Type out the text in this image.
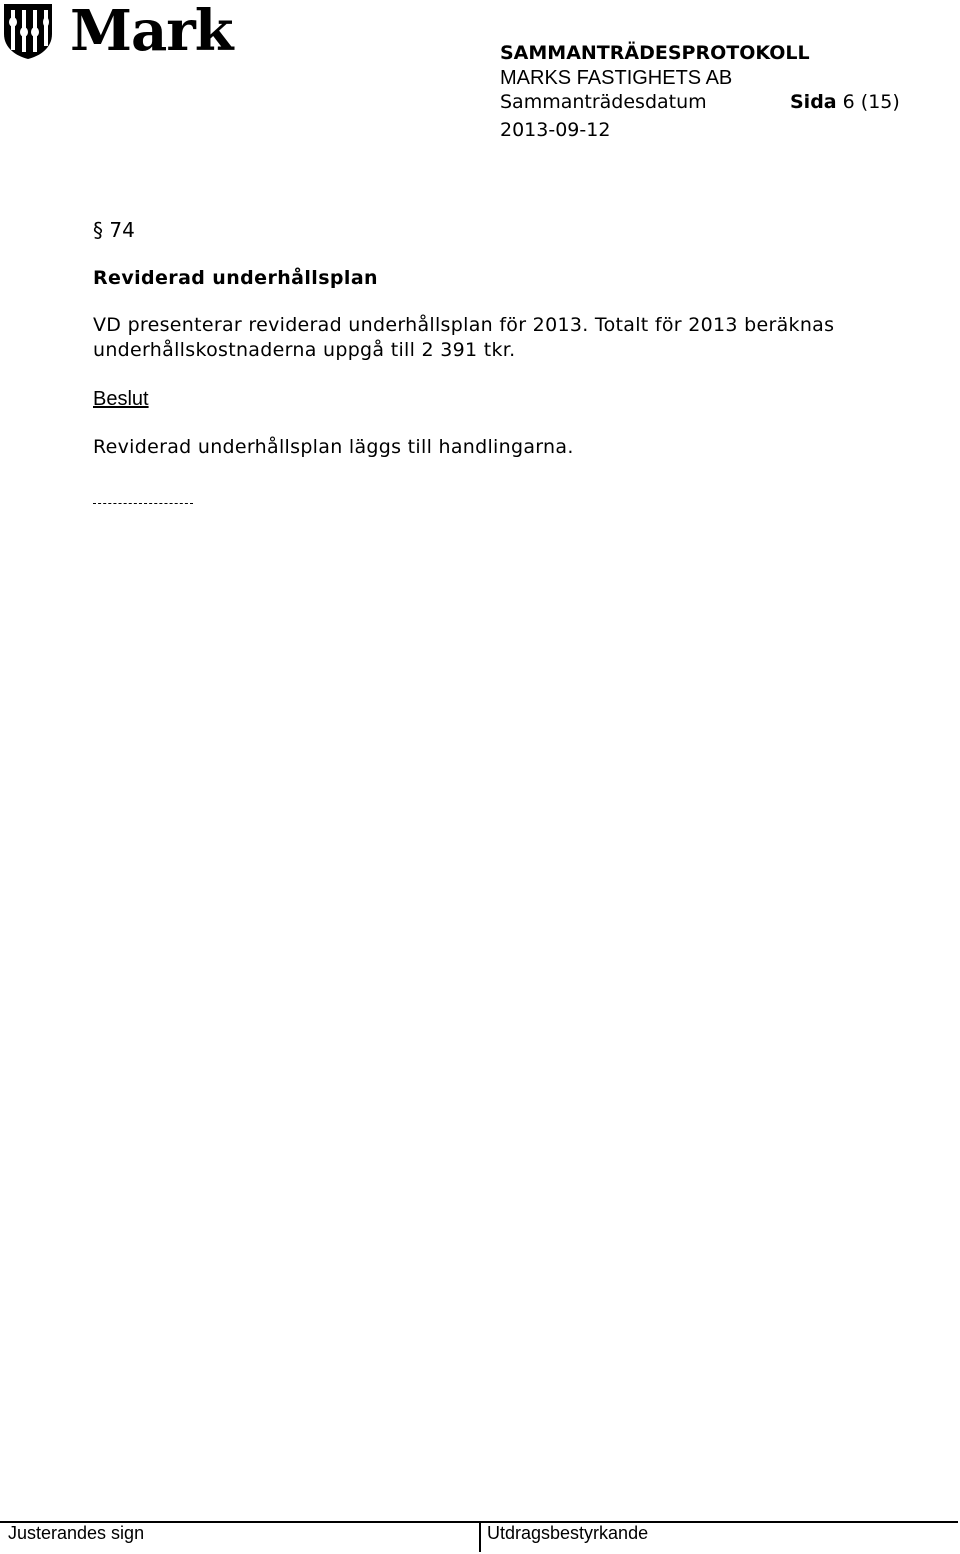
Mark	SAMMANTRÄDESPROTOKOLL
MARKS FASTIGHETS AB
Sammanträdesdatum	Sida 6 (15)
2013-09-12
§ 74
Reviderad underhållsplan
VD presenterar reviderad underhållsplan för 2013. Totalt för 2013 beräknas
underhållskostnaderna uppgå till 2 391 tkr.
Beslut
Reviderad underhållsplan läggs till handlingarna.
Justerandes sign	Utdragsbestyrkande
